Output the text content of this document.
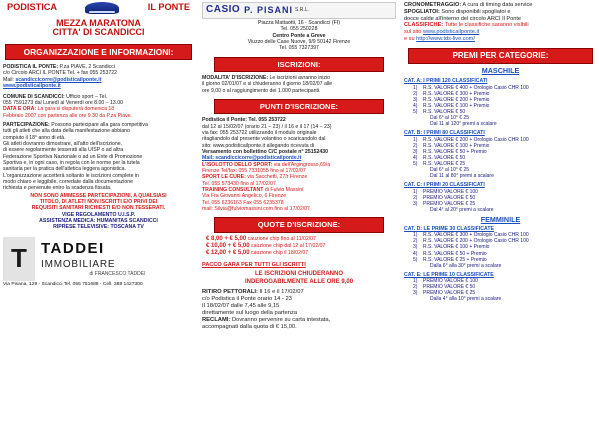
PODISTICA	IL PONTE
MEZZA MARATONA
CITTA' DI SCANDICCI
ORGANIZZAZIONE E INFORMAZIONI:

PODISTICA IL PONTE: P.za PIAVE, 2 Scandicci

c/o Circolo ARCI IL PONTE Tel. + fax 055 253722

Mail: scandiccicorre@podisticailponte.it

www.podisticailponte.it

COMUNE DI SCANDICCI: Ufficio sport – Tel.

055 7591273 dal Lunedì al Venerdì ore 8.00 – 13.00

DATA E ORA: La gara si disputerà domenica 18

Febbraio 2007 con partenza alle ore 9.30 da P.za Piave.

PARTECIPAZIONE: Possono partecipare alla gara competitiva

tutti gli atleti che alla data della manifestazione abbiano

compiuto il 18° anno di età.

Gli atleti dovranno dimostrare, all'atto dell'iscrizione,

di essere regolarmente tesserati alla UISP o ad altra

Federazione Sportiva Nazionale o ad un Ente di Promozione

Sportiva e, in ogni caso, in regola con le norme per la tutela

sanitaria per la pratica dell'atletica leggera agonistica.

L'organizzazione accetterà soltanto le iscrizioni complete in

modo chiaro e leggibile, corredate dalla documentazione

richiesta e pervenute entro la scadenza fissata.

NON SONO AMMESSE PARTECIPAZIONI, A QUALSIASI
TITOLO, DI ATLETI NON ISCRITTI E/O PRIVI DEI
REQUISITI SANITARI RICHIESTI E/O NON TESSERATI.
VIGE REGOLAMENTO U.I.S.P.
ASSISTENZA MEDICA: HUMANITAS SCANDICCI
RIPRESE TELEVISIVE: TOSCANA TV
T TADDEI
IMMOBILIARE
di FRANCESCO TADDEI
Via Pisana, 129 - Scandicci Tel. 055 751688 - Cell. 388 1427300
CASIO P. PISANI S.R.L.
Piazza Mattaotti, 16 - Scandicci (FI)
Tel. 055 250228
Centro Ponte a Greve
Viuzzo delle Case Nuove, 9/9 50142 Firenze
Tel. 055 7327397
ISCRIZIONI:

MODALITA' D'ISCRIZIONE: Le iscrizioni avranno inizio

il giorno 02/01/07 e si chiuderanno il giorno 18/02/07 alle

ore 9,00 o al raggiungimento dei 1.000 partecipanti.

PUNTI D'ISCRIZIONE:

Podistica il Ponte: Tel. 055 253722

dal 12 al 15/02/07 (orario 21 – 23) / il 16 e il 17 (14 – 23)

via fax: 055 253722 utilizzando il modulo originale

ritagliandolo dal presente volantino o scaricandolo dal

sito: www.podisticailponte.it allegando ricevuta di

Versamento con bollettino C/C postale n° 25152430

Mail: scandiccicorre@podisticailponte.it

L'ISOLOTTO DELLO SPORT: via dell'Argingrosso,69/a

Firenze Tel/fax: 055 7331055 fino al 17/02/07

SPORT LE CURE: via Sacchetti, 27/r Firenze

Tel. 055 573430 fino al 17/02/07

TRAINING CONSULTANT di Fulvio Massini

Via Fra Giovanni Angelico, 6 Firenze

Tel. 055 6236163 Fax 055 6235378

mail: Silvia@fulviomassini.com fino al 17/02/07

QUOTE D'ISCRIZIONE:

€ 8,00 + € 5,00 cauzione chip fino al 11/02/07

€ 10,00 + € 5,00 cauzione chip dal 12 al 17/02/07

€ 12,00 + € 5,00 cauzione chip il 18/02/07

PACCO GARA PER TUTTI GLI ISCRITTI

LE ISCRIZIONI CHIUDERANNO
INDEROGABILMENTE ALLE ORE 9,00

RITIRO PETTORALI: Il 16 e il 17/02/07

c/o Podistica il Ponte orario 14 - 23

Il 18/02/07 dalle 7,45 alle 9,15

direttamente sul luogo della partenza

RECLAMI: Dovranno pervenire su carta intestata,

accompagnati dalla quota di € 15,00.

CRONOMETRAGGIO: A cura di timing data service

SPOGLIATOI: Sono disponibili spogliatoi e

docce calde all'interno del circolo ARCI Il Ponte

CLASSIFICHE: Tutte le classifiche saranno visibili

sul sito www.podisticailponte.it

e su http://www.tds-live.com/

PREMI PER CATEGORIE:
MASCHILE
CAT. A: I PRIMI 120 CLASSIFICATI
1) R.S. VALORE € 400 + Orologio Casio CHR 100
2) R.S. VALORE € 300 + Premio
3) R.S. VALORE € 200 + Premio
4) R.S. VALORE € 100 + Premio
5) R.S. VALORE € 50
Dal 6° al 10° € 25
Dal 11 al 120° premi a scalare
CAT. B: I PRIMI 80 CLASSIFICATI
1) R.S. VALORE € 200 + Orologio Casio CHR 100
2) R.S. VALORE € 100 + Premio
3) R.S. VALORE € 50 + Premio
4) R.S. VALORE € 50
5) R.S. VALORE € 25
Dal 6° al 10° € 25
Dal 11 al 80° premi a scalare
CAT. C: I PRIMI 20 CLASSIFICATI
1) PREMIO VALORE € 100
2) PREMIO VALORE € 50
3) PREMIO VALORE € 25
Dal 4° al 20° premi a scalare
FEMMINILE
CAT. D: LE PRIME 30 CLASSIFICATE
1) R.S. VALORE € 300 + Orologio Casio CHR 100
2) R.S. VALORE € 200 + Orologio Casio CHR 100
3) R.S. VALORE € 100 + Premio
4) R.S. VALORE € 50 + Premio
5) R.S. VALORE € 25 + Premio
Dalla 6° alla 30° premi a scalare
CAT. E: LE PRIME 10 CLASSIFICATE
1) PREMIO VALORE € 100
2) PREMIO VALORE € 50
3) PREMIO VALORE € 25
Dalla 4° alla 10° premi a scalare
